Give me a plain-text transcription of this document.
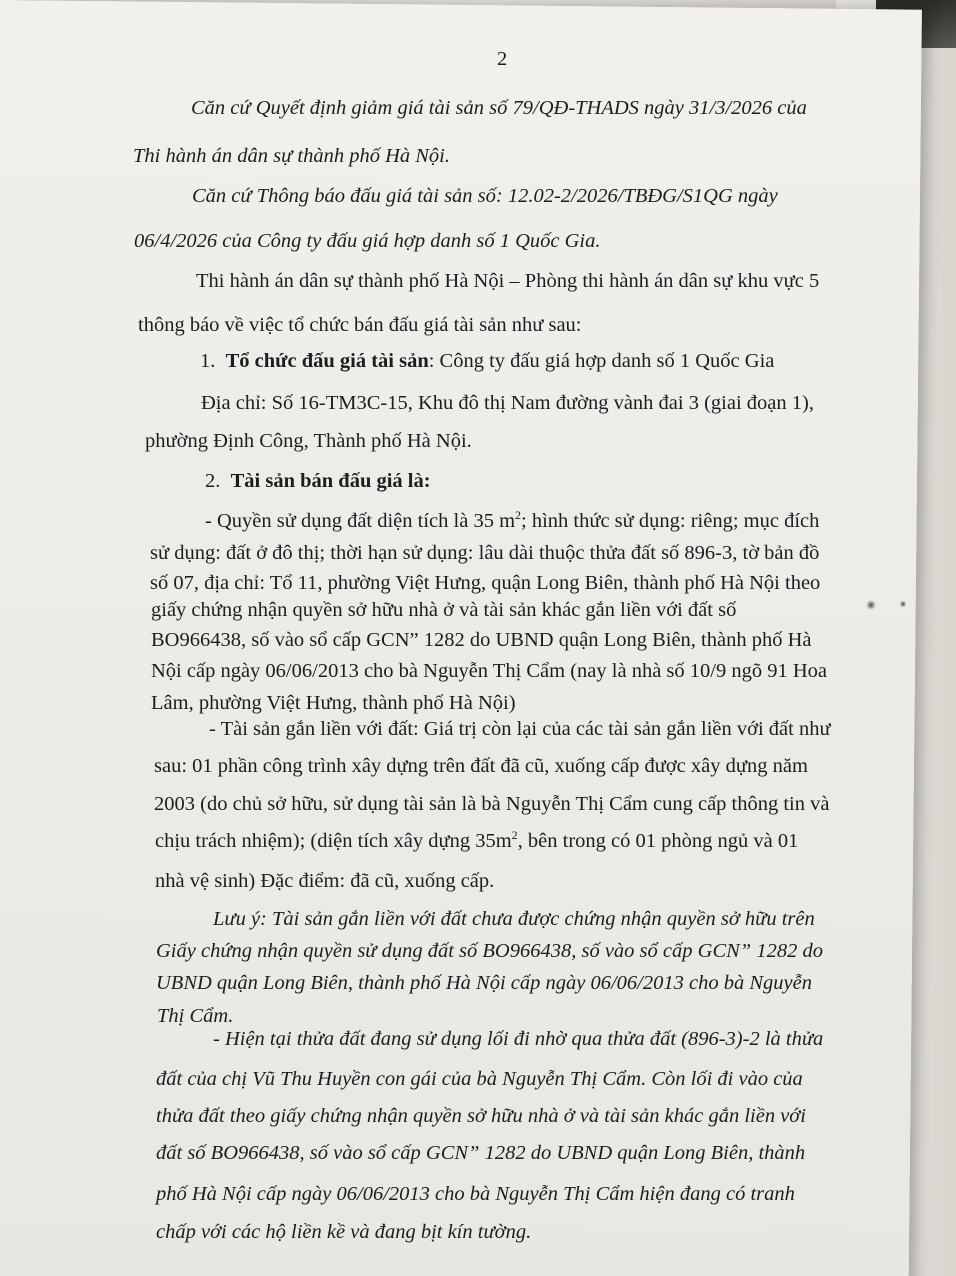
2
Căn cứ Quyết định giảm giá tài sản số 79/QĐ-THADS ngày 31/3/2026 của
Thi hành án dân sự thành phố Hà Nội.
Căn cứ Thông báo đấu giá tài sản số: 12.02-2/2026/TBĐG/S1QG ngày
06/4/2026 của Công ty đấu giá hợp danh số 1 Quốc Gia.
Thi hành án dân sự thành phố Hà Nội – Phòng thi hành án dân sự khu vực 5
thông báo về việc tổ chức bán đấu giá tài sản như sau:
1. Tổ chức đấu giá tài sản: Công ty đấu giá hợp danh số 1 Quốc Gia
Địa chỉ: Số 16-TM3C-15, Khu đô thị Nam đường vành đai 3 (giai đoạn 1),
phường Định Công, Thành phố Hà Nội.
2. Tài sản bán đấu giá là:
- Quyền sử dụng đất diện tích là 35 $m^2$; hình thức sử dụng: riêng; mục đích
sử dụng: đất ở đô thị; thời hạn sử dụng: lâu dài thuộc thửa đất số 896-3, tờ bản đồ
số 07, địa chỉ: Tổ 11, phường Việt Hưng, quận Long Biên, thành phố Hà Nội theo
giấy chứng nhận quyền sở hữu nhà ở và tài sản khác gắn liền với đất số
BO966438, số vào sổ cấp GCN” 1282 do UBND quận Long Biên, thành phố Hà
Nội cấp ngày 06/06/2013 cho bà Nguyễn Thị Cẩm (nay là nhà số 10/9 ngõ 91 Hoa
Lâm, phường Việt Hưng, thành phố Hà Nội)
- Tài sản gắn liền với đất: Giá trị còn lại của các tài sản gắn liền với đất như
sau: 01 phần công trình xây dựng trên đất đã cũ, xuống cấp được xây dựng năm
2003 (do chủ sở hữu, sử dụng tài sản là bà Nguyễn Thị Cẩm cung cấp thông tin và
chịu trách nhiệm); (diện tích xây dựng $35m^2$, bên trong có 01 phòng ngủ và 01
nhà vệ sinh) Đặc điểm: đã cũ, xuống cấp.
Lưu ý: Tài sản gắn liền với đất chưa được chứng nhận quyền sở hữu trên
Giấy chứng nhận quyền sử dụng đất số BO966438, số vào sổ cấp GCN” 1282 do
UBND quận Long Biên, thành phố Hà Nội cấp ngày 06/06/2013 cho bà Nguyễn
Thị Cẩm.
- Hiện tại thửa đất đang sử dụng lối đi nhờ qua thửa đất (896-3)-2 là thửa
đất của chị Vũ Thu Huyền con gái của bà Nguyễn Thị Cẩm. Còn lối đi vào của
thửa đất theo giấy chứng nhận quyền sở hữu nhà ở và tài sản khác gắn liền với
đất số BO966438, số vào sổ cấp GCN” 1282 do UBND quận Long Biên, thành
phố Hà Nội cấp ngày 06/06/2013 cho bà Nguyễn Thị Cẩm hiện đang có tranh
chấp với các hộ liền kề và đang bịt kín tường.
